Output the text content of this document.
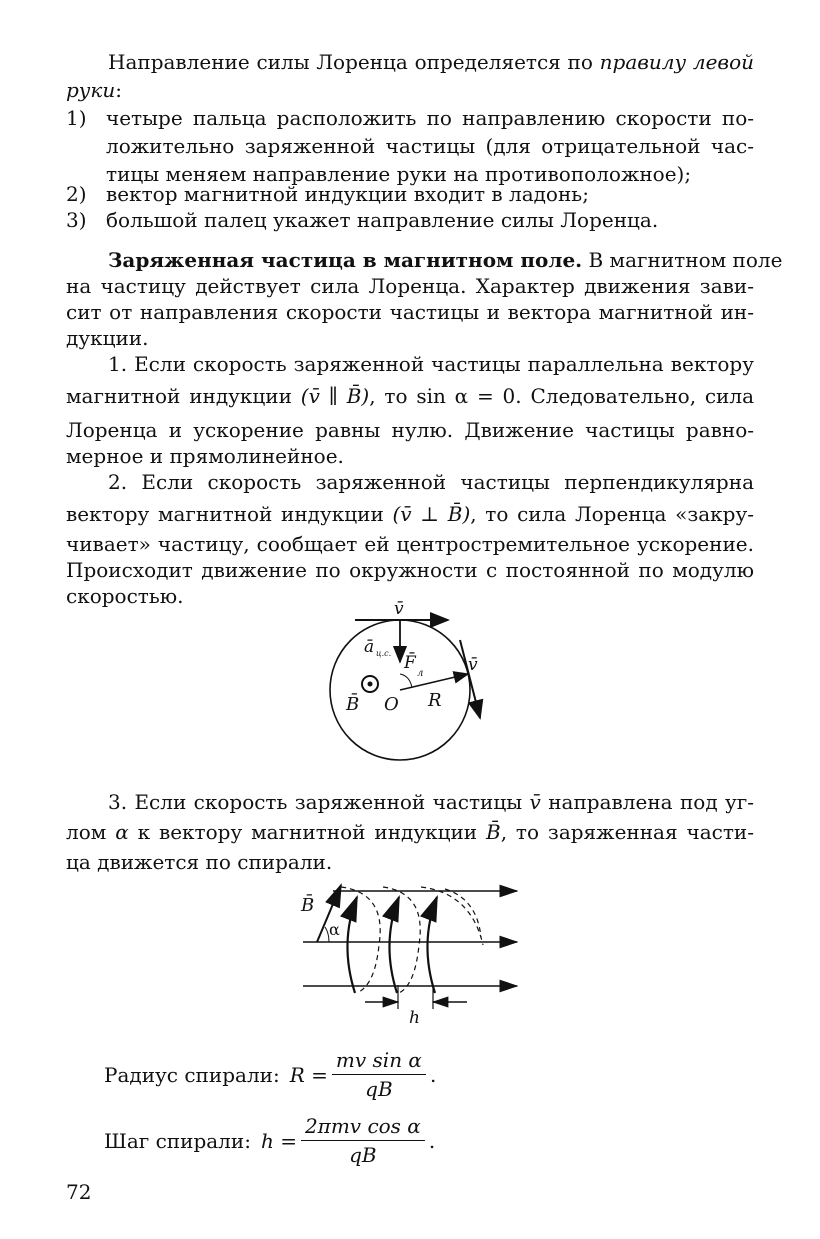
Направление силы Лоренца определяется по правилу левой
руки:
1) четыре пальца расположить по направлению скорости по-
ложительно заряженной частицы (для отрицательной час-
тицы меняем направление руки на противоположное);
2) вектор магнитной индукции входит в ладонь;
3) большой палец укажет направление силы Лоренца.
Заряженная частица в магнитном поле. В магнитном поле
на частицу действует сила Лоренца. Характер движения зави-
сит от направления скорости частицы и вектора магнитной ин-
дукции.
1. Если скорость заряженной частицы параллельна вектору
магнитной индукции (v̄ ∥ B̄), то sin α = 0. Следовательно, сила
Лоренца и ускорение равны нулю. Движение частицы равно-
мерное и прямолинейное.
2. Если скорость заряженной частицы перпендикулярна
вектору магнитной индукции (v̄ ⊥ B̄), то сила Лоренца «закру-
чивает» частицу, сообщает ей центростремительное ускорение.
Происходит движение по окружности с постоянной по модулю
скоростью.
v̄
ā ц.с. F̄
л	v̄
B̄ O R
3. Если скорость заряженной частицы v̄ направлена под уг-
лом α к вектору магнитной индукции B̄, то заряженная части-
ца движется по спирали.
B̄
α
h
Радиус спирали: $R = \frac{\text{mv sin α}}{qB}$ .
Шаг спирали: $h = \frac{\text{2πmv cos α}}{qB}$ .
72
